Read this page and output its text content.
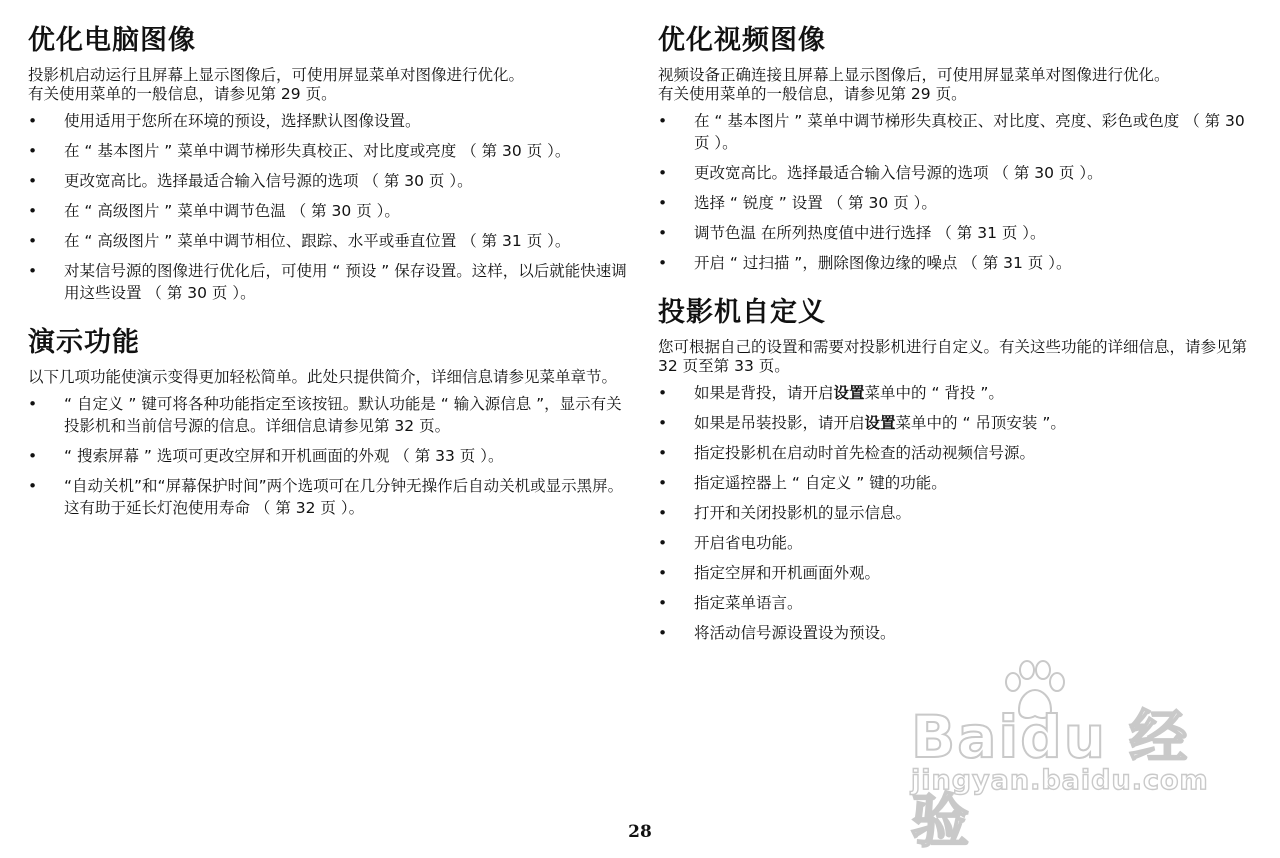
优化电脑图像

投影机启动运行且屏幕上显示图像后，可使用屏显菜单对图像进行优化。
有关使用菜单的一般信息，请参见第 29 页。

•	使用适用于您所在环境的预设，选择默认图像设置。
•	在 “ 基本图片 ” 菜单中调节梯形失真校正、对比度或亮度 （ 第 30 页 ）。
•	更改宽高比。选择最适合输入信号源的选项 （ 第 30 页 ）。
•	在 “ 高级图片 ” 菜单中调节色温 （ 第 30 页 ）。
•	在 “ 高级图片 ” 菜单中调节相位、跟踪、水平或垂直位置 （ 第 31 页 ）。
•	对某信号源的图像进行优化后，可使用 “ 预设 ” 保存设置。这样，以后就能快速调用这些设置 （ 第 30 页 ）。
演示功能

以下几项功能使演示变得更加轻松简单。此处只提供简介，详细信息请参见菜单章节。

•	“ 自定义 ” 键可将各种功能指定至该按钮。默认功能是 “ 输入源信息 ”，显示有关投影机和当前信号源的信息。详细信息请参见第 32 页。
•	“ 搜索屏幕 ” 选项可更改空屏和开机画面的外观 （ 第 33 页 ）。
•	“自动关机”和“屏幕保护时间”两个选项可在几分钟无操作后自动关机或显示黑屏。这有助于延长灯泡使用寿命 （ 第 32 页 ）。
优化视频图像

视频设备正确连接且屏幕上显示图像后，可使用屏显菜单对图像进行优化。
有关使用菜单的一般信息，请参见第 29 页。

•	在 “ 基本图片 ” 菜单中调节梯形失真校正、对比度、亮度、彩色或色度 （ 第 30 页 ）。
•	更改宽高比。选择最适合输入信号源的选项 （ 第 30 页 ）。
•	选择 “ 锐度 ” 设置 （ 第 30 页 ）。
•	调节色温 在所列热度值中进行选择 （ 第 31 页 ）。
•	开启 “ 过扫描 ”，删除图像边缘的噪点 （ 第 31 页 ）。
投影机自定义

您可根据自己的设置和需要对投影机进行自定义。有关这些功能的详细信息，请参见第 32 页至第 33 页。

•	如果是背投，请开启设置菜单中的 “ 背投 ”。
•	如果是吊装投影，请开启设置菜单中的 “ 吊顶安装 ”。
•	指定投影机在启动时首先检查的活动视频信号源。
•	指定遥控器上 “ 自定义 ” 键的功能。
•	打开和关闭投影机的显示信息。
•	开启省电功能。
•	指定空屏和开机画面外观。
•	指定菜单语言。
•	将活动信号源设置设为预设。
Baidu 经验
jingyan.baidu.com
28
